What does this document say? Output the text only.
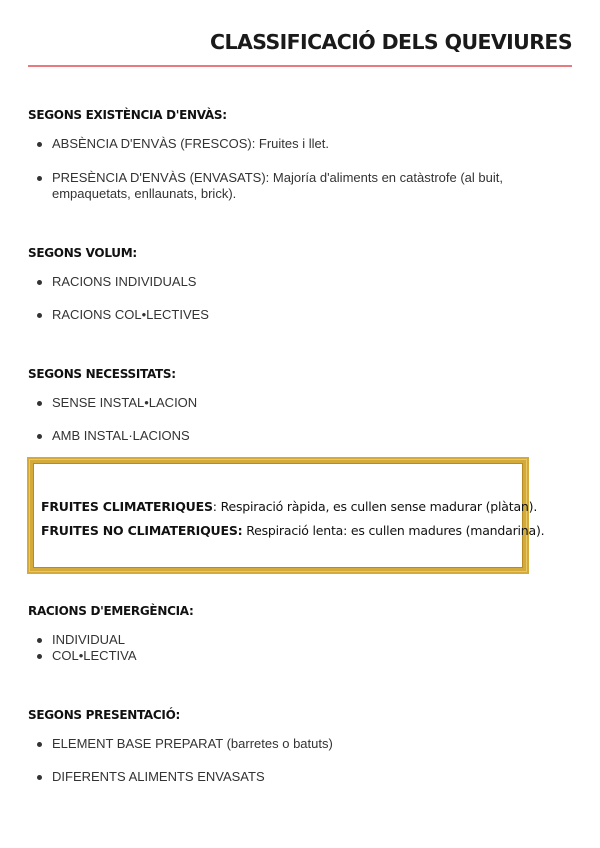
CLASSIFICACIÓ DELS QUEVIURES
SEGONS EXISTÈNCIA D'ENVÀS:
ABSÈNCIA D'ENVÀS (FRESCOS): Fruites i llet.
PRESÈNCIA D'ENVÀS (ENVASATS): Majoría d'aliments en catàstrofe (al buit, empaquetats, enllaunats, brick).
SEGONS VOLUM:
RACIONS INDIVIDUALS
RACIONS COL•LECTIVES
SEGONS NECESSITATS:
SENSE INSTAL•LACION
AMB INSTAL·LACIONS
FRUITES CLIMATERIQUES: Respiració ràpida, es cullen sense madurar (plàtan).
FRUITES NO CLIMATERIQUES: Respiració lenta: es cullen madures (mandarina).
RACIONS D'EMERGÈNCIA:
INDIVIDUAL
COL•LECTIVA
SEGONS PRESENTACIÓ:
ELEMENT BASE PREPARAT (barretes o batuts)
DIFERENTS ALIMENTS ENVASATS
